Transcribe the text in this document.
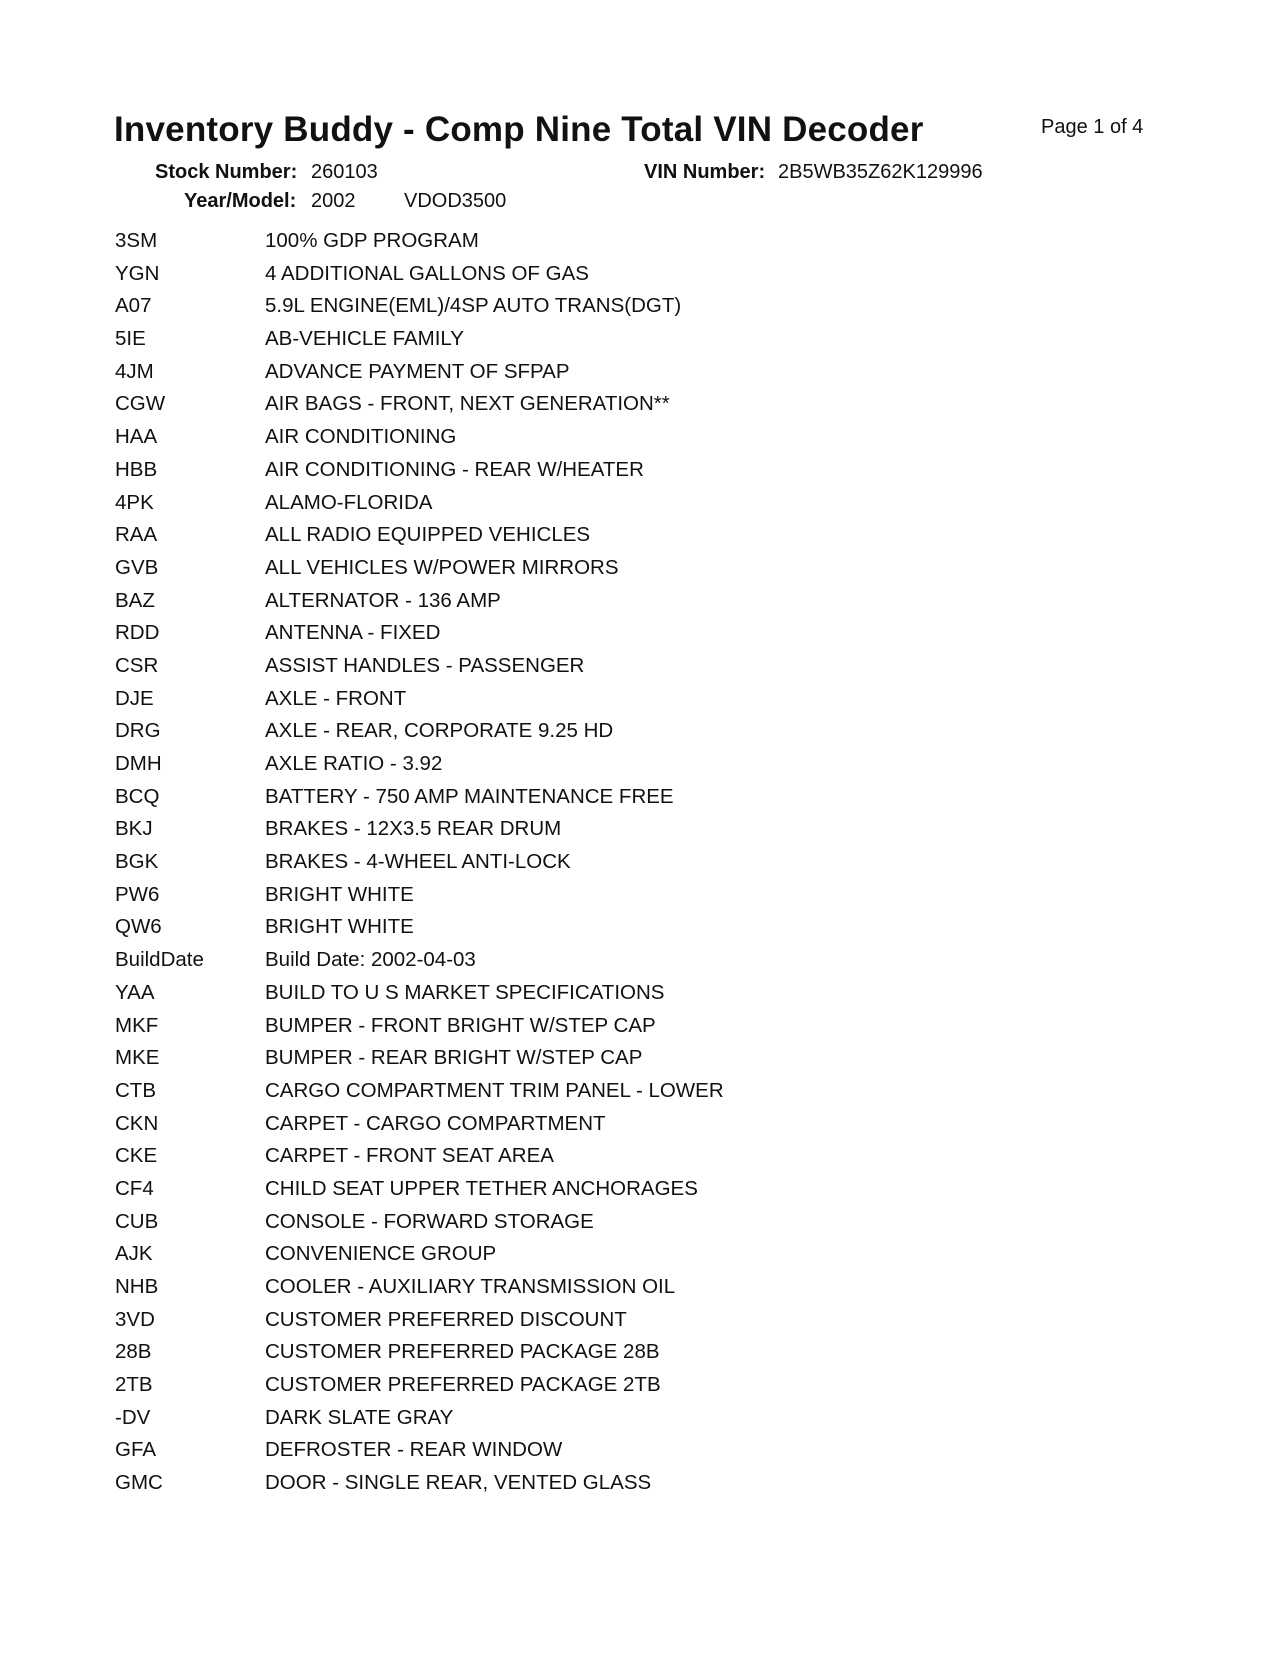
Inventory Buddy - Comp Nine Total VIN Decoder	Page 1 of 4
Stock Number: 260103	VIN Number: 2B5WB35Z62K129996
Year/Model: 2002 VDOD3500
3SM	100% GDP PROGRAM
YGN	4 ADDITIONAL GALLONS OF GAS
A07	5.9L ENGINE(EML)/4SP AUTO TRANS(DGT)
5IE	AB-VEHICLE FAMILY
4JM	ADVANCE PAYMENT OF SFPAP
CGW	AIR BAGS - FRONT, NEXT GENERATION**
HAA	AIR CONDITIONING
HBB	AIR CONDITIONING - REAR W/HEATER
4PK	ALAMO-FLORIDA
RAA	ALL RADIO EQUIPPED VEHICLES
GVB	ALL VEHICLES W/POWER MIRRORS
BAZ	ALTERNATOR - 136 AMP
RDD	ANTENNA - FIXED
CSR	ASSIST HANDLES - PASSENGER
DJE	AXLE - FRONT
DRG	AXLE - REAR, CORPORATE 9.25 HD
DMH	AXLE RATIO - 3.92
BCQ	BATTERY - 750 AMP MAINTENANCE FREE
BKJ	BRAKES - 12X3.5 REAR DRUM
BGK	BRAKES - 4-WHEEL ANTI-LOCK
PW6	BRIGHT WHITE
QW6	BRIGHT WHITE
BuildDate	Build Date: 2002-04-03
YAA	BUILD TO U S MARKET SPECIFICATIONS
MKF	BUMPER - FRONT BRIGHT W/STEP CAP
MKE	BUMPER - REAR BRIGHT W/STEP CAP
CTB	CARGO COMPARTMENT TRIM PANEL - LOWER
CKN	CARPET - CARGO COMPARTMENT
CKE	CARPET - FRONT SEAT AREA
CF4	CHILD SEAT UPPER TETHER ANCHORAGES
CUB	CONSOLE - FORWARD STORAGE
AJK	CONVENIENCE GROUP
NHB	COOLER - AUXILIARY TRANSMISSION OIL
3VD	CUSTOMER PREFERRED DISCOUNT
28B	CUSTOMER PREFERRED PACKAGE 28B
2TB	CUSTOMER PREFERRED PACKAGE 2TB
-DV	DARK SLATE GRAY
GFA	DEFROSTER - REAR WINDOW
GMC	DOOR - SINGLE REAR, VENTED GLASS
